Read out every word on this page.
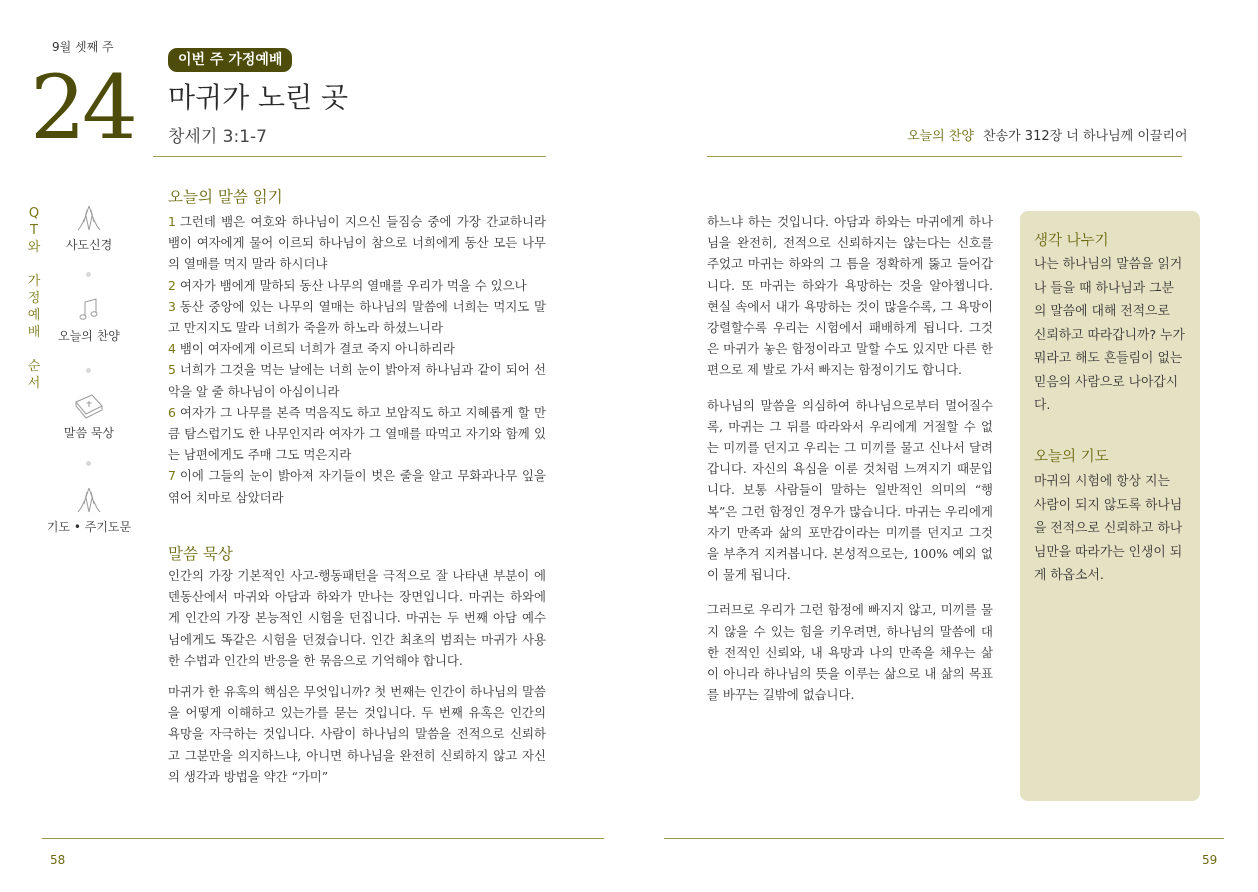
9월 셋째 주
24	이번 주 가정예배
마귀가 노린 곳
창세기 3:1-7
Q
T
와
가
정
예
배
순
서
사도신경
오늘의 찬양
말씀 묵상
기도 • 주기도문
오늘의 말씀 읽기
1 그런데 뱀은 여호와 하나님이 지으신 들짐승 중에 가장 간교하니라 뱀이 여자에게 물어 이르되 하나님이 참으로 너희에게 동산 모든 나무의 열매를 먹지 말라 하시더냐
2 여자가 뱀에게 말하되 동산 나무의 열매를 우리가 먹을 수 있으나
3 동산 중앙에 있는 나무의 열매는 하나님의 말씀에 너희는 먹지도 말고 만지지도 말라 너희가 죽을까 하노라 하셨느니라
4 뱀이 여자에게 이르되 너희가 결코 죽지 아니하리라
5 너희가 그것을 먹는 날에는 너희 눈이 밝아져 하나님과 같이 되어 선악을 알 줄 하나님이 아심이니라
6 여자가 그 나무를 본즉 먹음직도 하고 보암직도 하고 지혜롭게 할 만큼 탐스럽기도 한 나무인지라 여자가 그 열매를 따먹고 자기와 함께 있는 남편에게도 주매 그도 먹은지라
7 이에 그들의 눈이 밝아져 자기들이 벗은 줄을 알고 무화과나무 잎을 엮어 치마로 삼았더라
말씀 묵상

인간의 가장 기본적인 사고-행동패턴을 극적으로 잘 나타낸 부분이 에덴동산에서 마귀와 아담과 하와가 만나는 장면입니다. 마귀는 하와에게 인간의 가장 본능적인 시험을 던집니다. 마귀는 두 번째 아담 예수님에게도 똑같은 시험을 던졌습니다. 인간 최초의 범죄는 마귀가 사용한 수법과 인간의 반응을 한 묶음으로 기억해야 합니다.

마귀가 한 유혹의 핵심은 무엇입니까? 첫 번째는 인간이 하나님의 말씀을 어떻게 이해하고 있는가를 묻는 것입니다. 두 번째 유혹은 인간의 욕망을 자극하는 것입니다. 사람이 하나님의 말씀을 전적으로 신뢰하고 그분만을 의지하느냐, 아니면 하나님을 완전히 신뢰하지 않고 자신의 생각과 방법을 약간 “가미”

오늘의 찬양 찬송가 312장 너 하나님께 이끌리어

하느냐 하는 것입니다. 아담과 하와는 마귀에게 하나님을 완전히, 전적으로 신뢰하지는 않는다는 신호를 주었고 마귀는 하와의 그 틈을 정확하게 뚫고 들어갑니다. 또 마귀는 하와가 욕망하는 것을 알아챕니다. 현실 속에서 내가 욕망하는 것이 많을수록, 그 욕망이 강렬할수록 우리는 시험에서 패배하게 됩니다. 그것은 마귀가 놓은 함정이라고 말할 수도 있지만 다른 한편으로 제 발로 가서 빠지는 함정이기도 합니다.

하나님의 말씀을 의심하여 하나님으로부터 멀어질수록, 마귀는 그 뒤를 따라와서 우리에게 거절할 수 없는 미끼를 던지고 우리는 그 미끼를 물고 신나서 달려갑니다. 자신의 욕심을 이룬 것처럼 느껴지기 때문입니다. 보통 사람들이 말하는 일반적인 의미의 “행복”은 그런 함정인 경우가 많습니다. 마귀는 우리에게 자기 만족과 삶의 포만감이라는 미끼를 던지고 그것을 부추겨 지켜봅니다. 본성적으로는, 100% 예외 없이 물게 됩니다.

그러므로 우리가 그런 함정에 빠지지 않고, 미끼를 물지 않을 수 있는 힘을 키우려면, 하나님의 말씀에 대한 전적인 신뢰와, 내 욕망과 나의 만족을 채우는 삶이 아니라 하나님의 뜻을 이루는 삶으로 내 삶의 목표를 바꾸는 길밖에 없습니다.

생각 나누기
나는 하나님의 말씀을 읽거나 들을 때 하나님과 그분의 말씀에 대해 전적으로 신뢰하고 따라갑니까? 누가 뭐라고 해도 흔들림이 없는 믿음의 사람으로 나아갑시다.
오늘의 기도
마귀의 시험에 항상 지는 사람이 되지 않도록 하나님을 전적으로 신뢰하고 하나님만을 따라가는 인생이 되게 하옵소서.
58	59
